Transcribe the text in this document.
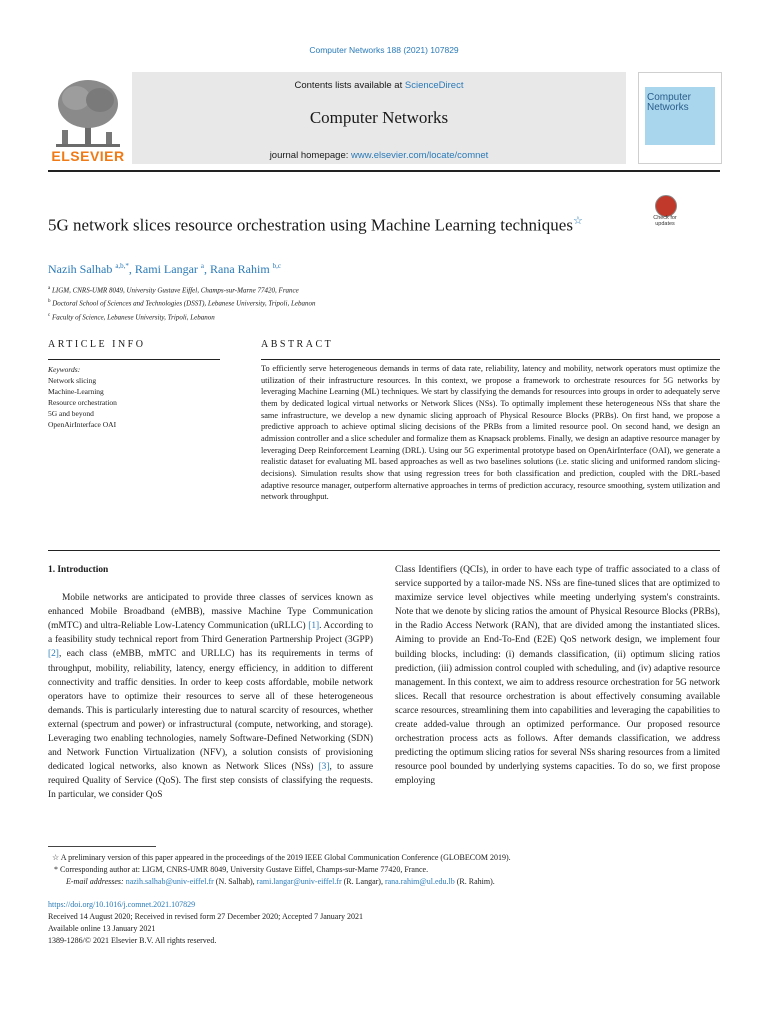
Computer Networks 188 (2021) 107829
ELSEVIER
Contents lists available at ScienceDirect
Computer Networks
journal homepage: www.elsevier.com/locate/comnet
Computer
Networks
5G network slices resource orchestration using Machine Learning techniques☆	Check for updates
Nazih Salhab $^{a,b,*}$, Rami Langar $^a$, Rana Rahim $^{b,c}$
$^a$ LIGM, CNRS-UMR 8049, University Gustave Eiffel, Champs-sur-Marne 77420, France
$^b$ Doctoral School of Sciences and Technologies (DSST), Lebanese University, Tripoli, Lebanon
$^c$ Faculty of Science, Lebanese University, Tripoli, Lebanon
ARTICLE INFO	ABSTRACT
Keywords:
Network slicing
Machine-Learning
Resource orchestration
5G and beyond
OpenAirInterface OAI
To efficiently serve heterogeneous demands in terms of data rate, reliability, latency and mobility, network operators must optimize the utilization of their infrastructure resources. In this context, we propose a framework to orchestrate resources for 5G networks by leveraging Machine Learning (ML) techniques. We start by classifying the demands for resources into groups in order to adequately serve them by dedicated logical virtual networks or Network Slices (NSs). To optimally implement these heterogeneous NSs that share the same infrastructure, we develop a new dynamic slicing approach of Physical Resource Blocks (PRBs). On first hand, we propose a predictive approach to achieve optimal slicing decisions of the PRBs from a limited resource pool. On second hand, we design an admission controller and a slice scheduler and formalize them as Knapsack problems. Finally, we design an adaptive resource manager by leveraging Deep Reinforcement Learning (DRL). Using our 5G experimental prototype based on OpenAirInterface (OAI), we generate a realistic dataset for evaluating ML based approaches as well as two baselines solutions (i.e. static slicing and uniformed random slicing-decisions). Simulation results show that using regression trees for both classification and prediction, coupled with the DRL-based adaptive resource manager, outperform alternative approaches in terms of prediction accuracy, resource smoothing, system utilization and network throughput.

1. Introduction

Mobile networks are anticipated to provide three classes of services known as enhanced Mobile Broadband (eMBB), massive Machine Type Communication (mMTC) and ultra-Reliable Low-Latency Communication (uRLLC) [1]. According to a feasibility study technical report from Third Generation Partnership Project (3GPP) [2], each class (eMBB, mMTC and URLLC) has its requirements in terms of throughput, mobility, reliability, latency, energy efficiency, in addition to different connectivity and traffic densities. In order to keep costs affordable, mobile network operators have to optimize their resources to serve all of these heterogeneous demands. This is particularly interesting due to natural scarcity of resources, whether external (spectrum and power) or infrastructural (compute, networking, and storage). Leveraging two enabling technologies, namely Software-Defined Networking (SDN) and Network Function Virtualization (NFV), a solution consists of provisioning dedicated logical networks, also known as Network Slices (NSs) [3], to assure required Quality of Service (QoS). The first step consists of classifying the requests. In particular, we consider QoS

Class Identifiers (QCIs), in order to have each type of traffic associated to a class of service supported by a tailor-made NS. NSs are fine-tuned slices that are optimized to maximize service level objectives while meeting underlying system's constraints. Note that we denote by slicing ratios the amount of Physical Resource Blocks (PRBs), in the Radio Access Network (RAN), that are divided among the instantiated slices. Aiming to provide an End-To-End (E2E) QoS network design, we implement four building blocks, including: (i) demands classification, (ii) optimum slicing ratios prediction, (iii) admission control coupled with scheduling, and (iv) adaptive resource management. In this context, we aim to address resource orchestration for 5G network slices. Recall that resource orchestration is about effectively consuming available scarce resources, streamlining them into capabilities and leveraging the capabilities to create added-value through an optimized performance. Our proposed resource orchestration process acts as follows. After demands classification, we address predicting the optimum slicing ratios for several NSs sharing resources from a limited resource pool bounded by underlying systems capacities. To do so, we first propose employing

☆ A preliminary version of this paper appeared in the proceedings of the 2019 IEEE Global Communication Conference (GLOBECOM 2019).
* Corresponding author at: LIGM, CNRS-UMR 8049, University Gustave Eiffel, Champs-sur-Marne 77420, France.
E-mail addresses: nazih.salhab@univ-eiffel.fr (N. Salhab), rami.langar@univ-eiffel.fr (R. Langar), rana.rahim@ul.edu.lb (R. Rahim).
https://doi.org/10.1016/j.comnet.2021.107829
Received 14 August 2020; Received in revised form 27 December 2020; Accepted 7 January 2021
Available online 13 January 2021
1389-1286/© 2021 Elsevier B.V. All rights reserved.
